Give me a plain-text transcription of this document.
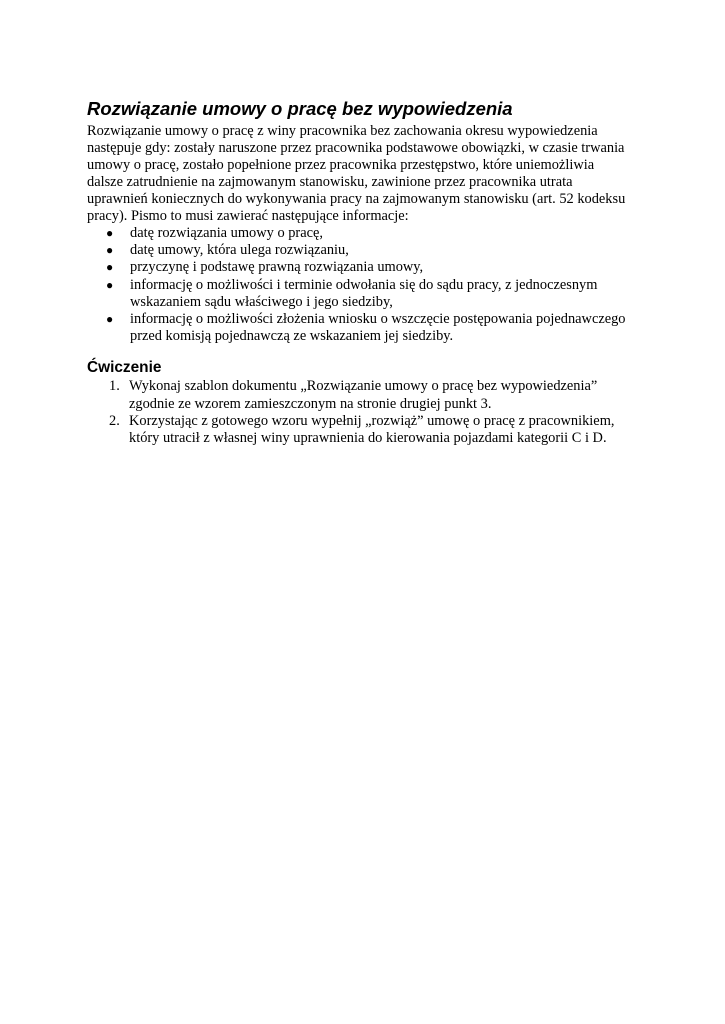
Rozwiązanie umowy o pracę bez wypowiedzenia

Rozwiązanie umowy o pracę z winy pracownika bez zachowania okresu wypowiedzenia
następuje gdy: zostały naruszone przez pracownika podstawowe obowiązki, w czasie trwania
umowy o pracę, zostało popełnione przez pracownika przestępstwo, które uniemożliwia
dalsze zatrudnienie na zajmowanym stanowisku, zawinione przez pracownika utrata
uprawnień koniecznych do wykonywania pracy na zajmowanym stanowisku (art. 52 kodeksu
pracy). Pismo to musi zawierać następujące informacje:

● datę rozwiązania umowy o pracę,
● datę umowy, która ulega rozwiązaniu,
● przyczynę i podstawę prawną rozwiązania umowy,
● informację o możliwości i terminie odwołania się do sądu pracy, z jednoczesnym
wskazaniem sądu właściwego i jego siedziby,
● informację o możliwości złożenia wniosku o wszczęcie postępowania pojednawczego
przed komisją pojednawczą ze wskazaniem jej siedziby.
Ćwiczenie
1. Wykonaj szablon dokumentu „Rozwiązanie umowy o pracę bez wypowiedzenia”
zgodnie ze wzorem zamieszczonym na stronie drugiej punkt 3.
2. Korzystając z gotowego wzoru wypełnij „rozwiąż” umowę o pracę z pracownikiem,
który utracił z własnej winy uprawnienia do kierowania pojazdami kategorii C i D.
